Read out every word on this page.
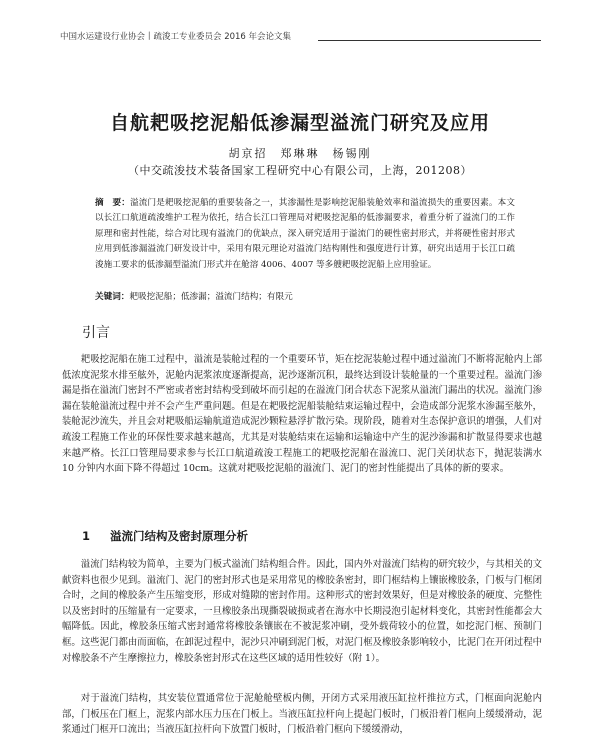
中国水运建设行业协会丨疏浚工专业委员会 2016 年会论文集
自航耙吸挖泥船低渗漏型溢流门研究及应用
胡京招　郑琳琳　杨锡刚
（中交疏浚技术装备国家工程研究中心有限公司，上海，201208）
摘　要：溢流门是耙吸挖泥船的重要装备之一，其渗漏性是影响挖泥船装舱效率和溢流损失的重要因素。本文以长江口航道疏浚维护工程为依托，结合长江口管理局对耙吸挖泥船的低渗漏要求，着重分析了溢流门的工作原理和密封性能，综合对比现有溢流门的优缺点，深入研究适用于溢流门的硬性密封形式，并将硬性密封形式应用到低渗漏溢流门研发设计中，采用有限元理论对溢流门结构刚性和强度进行计算，研究出适用于长江口疏浚施工要求的低渗漏型溢流门形式并在舱溶 4006、4007 等多艘耙吸挖泥船上应用验证。
关键词：耙吸挖泥船；低渗漏；溢流门结构；有限元
引言

耙吸挖泥船在施工过程中，溢流是装舱过程的一个重要环节，矩在挖泥装舱过程中通过溢流门不断将泥舱内上部低浓度泥浆水排至舷外，泥舱内泥浆浓度逐渐提高，泥沙逐渐沉积，最终达到设计装舱量的一个重要过程。溢流门渗漏是指在溢流门密封不严密或者密封结构受到破坏而引起的在溢流门闭合状态下泥浆从溢流门漏出的状况。溢流门渗漏在装舱溢流过程中并不会产生严重问题。但是在耙吸挖泥船装舱结束运输过程中，会造成部分泥浆水渗漏至舷外，装舱泥沙流失，并且会对耙吸船运输航道造成泥沙颗粒悬浮扩散污染。现阶段，随着对生态保护意识的增强，人们对疏浚工程施工作业的环保性要求越来越高，尤其是对装舱结束在运输和运输途中产生的泥沙渗漏和扩散显得要求也越来越严格。长江口管理局要求参与长江口航道疏浚工程施工的耙吸挖泥船在溢流口、泥门关闭状态下，抛泥装满水10 分钟内水面下降不得超过 10cm。这就对耙吸挖泥船的溢流门、泥门的密封性能提出了具体的新的要求。

1 溢流门结构及密封原理分析

溢流门结构较为简单，主要为门板式溢流门结构组合件。因此，国内外对溢流门结构的研究较少，与其相关的文献资料也很少见到。溢流门、泥门的密封形式也是采用常见的橡胶条密封，即门框结构上镶嵌橡胶条，门板与门框闭合时，之间的橡胶条产生压缩变形，形成对缝隙的密封作用。这种形式的密封效果好，但是对橡胶条的硬度、完整性以及密封时的压缩量有一定要求，一旦橡胶条出现撕裂破损或者在海水中长期浸泡引起材料变化，其密封性能都会大幅降低。因此，橡胶条压缩式密封通常将橡胶条镶嵌在不被泥浆冲刷，受外载荷较小的位置，如挖泥门框、预制门框。这些泥门都由而面临，在卸泥过程中，泥沙只冲刷到泥门板，对泥门框及橡胶条影响较小，比泥门在开闭过程中对橡胶条不产生摩擦拉力，橡胶条密封形式在这些区域的适用性较好（附 1）。

对于溢流门结构，其安装位置通常位于泥舱舱壁板内侧，开闭方式采用液压缸拉杆推拉方式，门框面向泥舱内部，门板压在门框上，泥浆内部水压力压在门板上。当液压缸拉杆向上提起门板时，门板沿着门框向上缓缓滑动，泥浆通过门框开口流出；当液压缸拉杆向下放置门板时，门板沿着门框向下缓缓滑动，
